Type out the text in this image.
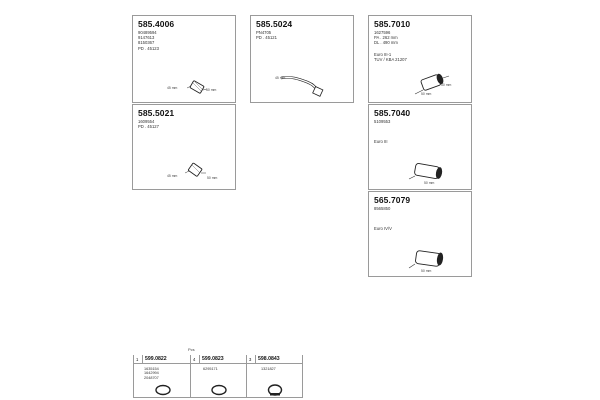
585.4006
90489594
9147613
8150367
PD . 45123
45 mm	50 mm
585.5024
PN4705
PD . 45121
45 mm
585.7010
1627596
PA . 262 mm
DL . 490 mm
Euro III-1
TUV / KBA 21207
50 mm
50 mm
585.5021
1609554
PD . 45127
45 mm	50 mm
585.7040
5109553
Euro III
50 mm
565.7079
8565850
Euro IV/V
50 mm
Pcs
1 599.0822
1635154
1642994
2048707
4 599.0823
6295171
3 598.0843
1321827
